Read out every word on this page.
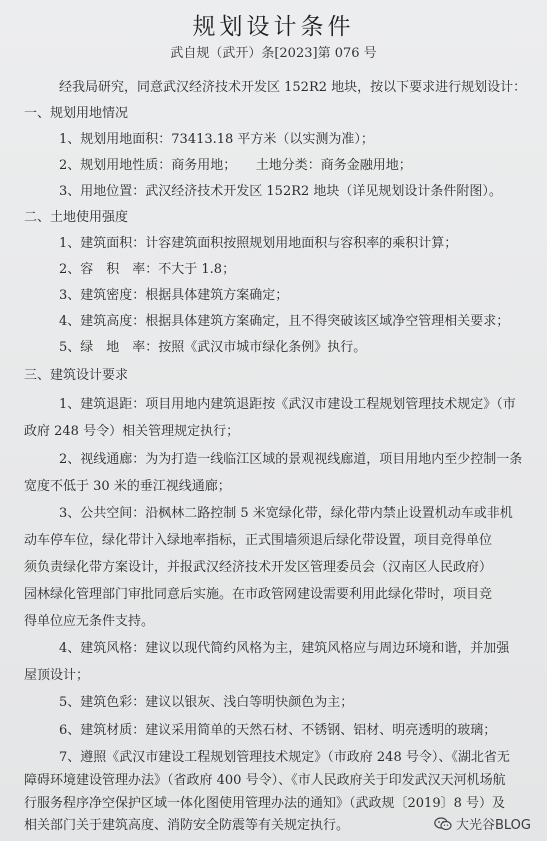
规划设计条件
武自规（武开）条[2023]第 076 号
经我局研究，同意武汉经济技术开发区 152R2 地块，按以下要求进行规划设计：
一、规划用地情况
1、规划用地面积：73413.18 平方米（以实测为准）；
2、规划用地性质：商务用地；　　土地分类：商务金融用地；
3、用地位置：武汉经济技术开发区 152R2 地块（详见规划设计条件附图）。
二、土地使用强度
1、建筑面积：计容建筑面积按照规划用地面积与容积率的乘积计算；
2、容　积　率：不大于 1.8；
3、建筑密度：根据具体建筑方案确定；
4、建筑高度：根据具体建筑方案确定，且不得突破该区域净空管理相关要求；
5、绿　地　率：按照《武汉市城市绿化条例》执行。
三、建筑设计要求
1、建筑退距：项目用地内建筑退距按《武汉市建设工程规划管理技术规定》（市
政府 248 号令）相关管理规定执行；
2、视线通廊：为为打造一线临江区域的景观视线廊道，项目用地内至少控制一条
宽度不低于 30 米的垂江视线通廊；
3、公共空间：沿枫林二路控制 5 米宽绿化带，绿化带内禁止设置机动车或非机
动车停车位，绿化带计入绿地率指标，正式围墙须退后绿化带设置，项目竞得单位
须负责绿化带方案设计，并报武汉经济技术开发区管理委员会（汉南区人民政府）
园林绿化管理部门审批同意后实施。在市政管网建设需要利用此绿化带时，项目竞
得单位应无条件支持。
4、建筑风格：建议以现代简约风格为主，建筑风格应与周边环境和谐，并加强
屋顶设计；
5、建筑色彩：建议以银灰、浅白等明快颜色为主；
6、建筑材质：建议采用简单的天然石材、不锈钢、铝材、明亮透明的玻璃；
7、遵照《武汉市建设工程规划管理技术规定》（市政府 248 号令）、《湖北省无
障碍环境建设管理办法》（省政府 400 号令）、《市人民政府关于印发武汉天河机场航
行服务程序净空保护区域一体化图使用管理办法的通知》（武政规〔2019〕8 号）及
相关部门关于建筑高度、消防安全防震等有关规定执行。	大光谷BLOG
